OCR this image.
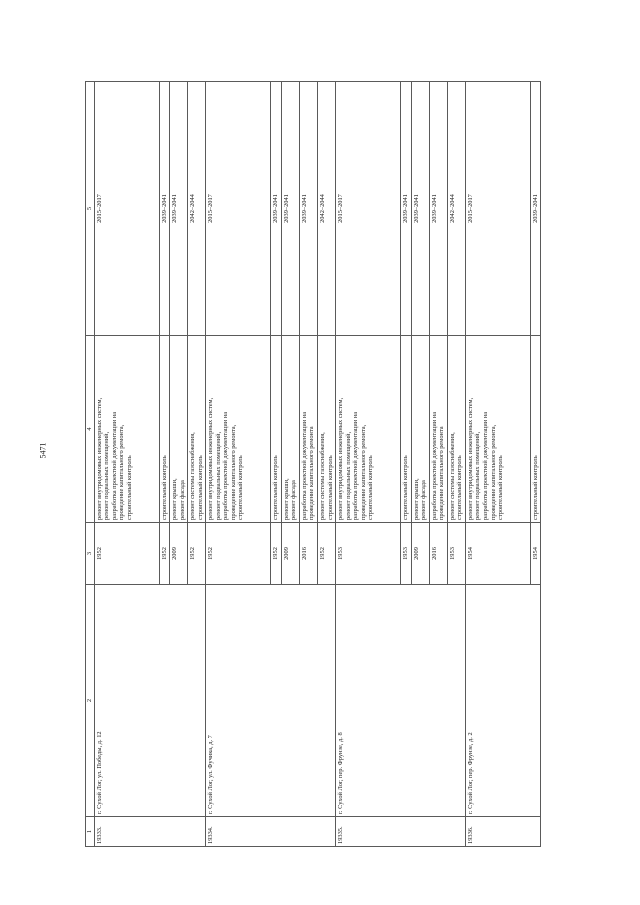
5471
1	2	3	4	5
19333.	г. Сухой Лог, ул. Победы, д. 12	1952	ремонт внутридомовых инженерных систем,
ремонт подвальных помещений,
разработка проектной документации на
проведение капитального ремонта,
строительный контроль	2015–2017
		1952	строительный контроль	2039–2041
		2009	ремонт крыши,
ремонт фасада	2039–2041
		1952	ремонт системы газоснабжения,
строительный контроль	2042–2044
19334.	г. Сухой Лог, ул. Фучика, д. 7	1952	ремонт внутридомовых инженерных систем,
ремонт подвальных помещений,
разработка проектной документации на
проведение капитального ремонта,
строительный контроль	2015–2017
		1952	строительный контроль	2039–2041
		2009	ремонт крыши,
ремонт фасада	2039–2041
		2016	разработка проектной документации на
проведение капитального ремонта	2039–2041
		1952	ремонт системы газоснабжения,
строительный контроль	2042–2044
19335.	г. Сухой Лог, пер. Фрунзе, д. 8	1953	ремонт внутридомовых инженерных систем,
ремонт подвальных помещений,
разработка проектной документации на
проведение капитального ремонта,
строительный контроль	2015–2017
		1953	строительный контроль	2039–2041
		2009	ремонт крыши,
ремонт фасада	2039–2041
		2016	разработка проектной документации на
проведение капитального ремонта	2039–2041
		1953	ремонт системы газоснабжения,
строительный контроль	2042–2044
19336.	г. Сухой Лог, пер. Фрунзе, д. 2	1954	ремонт внутридомовых инженерных систем,
ремонт подвальных помещений,
разработка проектной документации на
проведение капитального ремонта,
строительный контроль	2015–2017
		1954	строительный контроль	2039–2041
